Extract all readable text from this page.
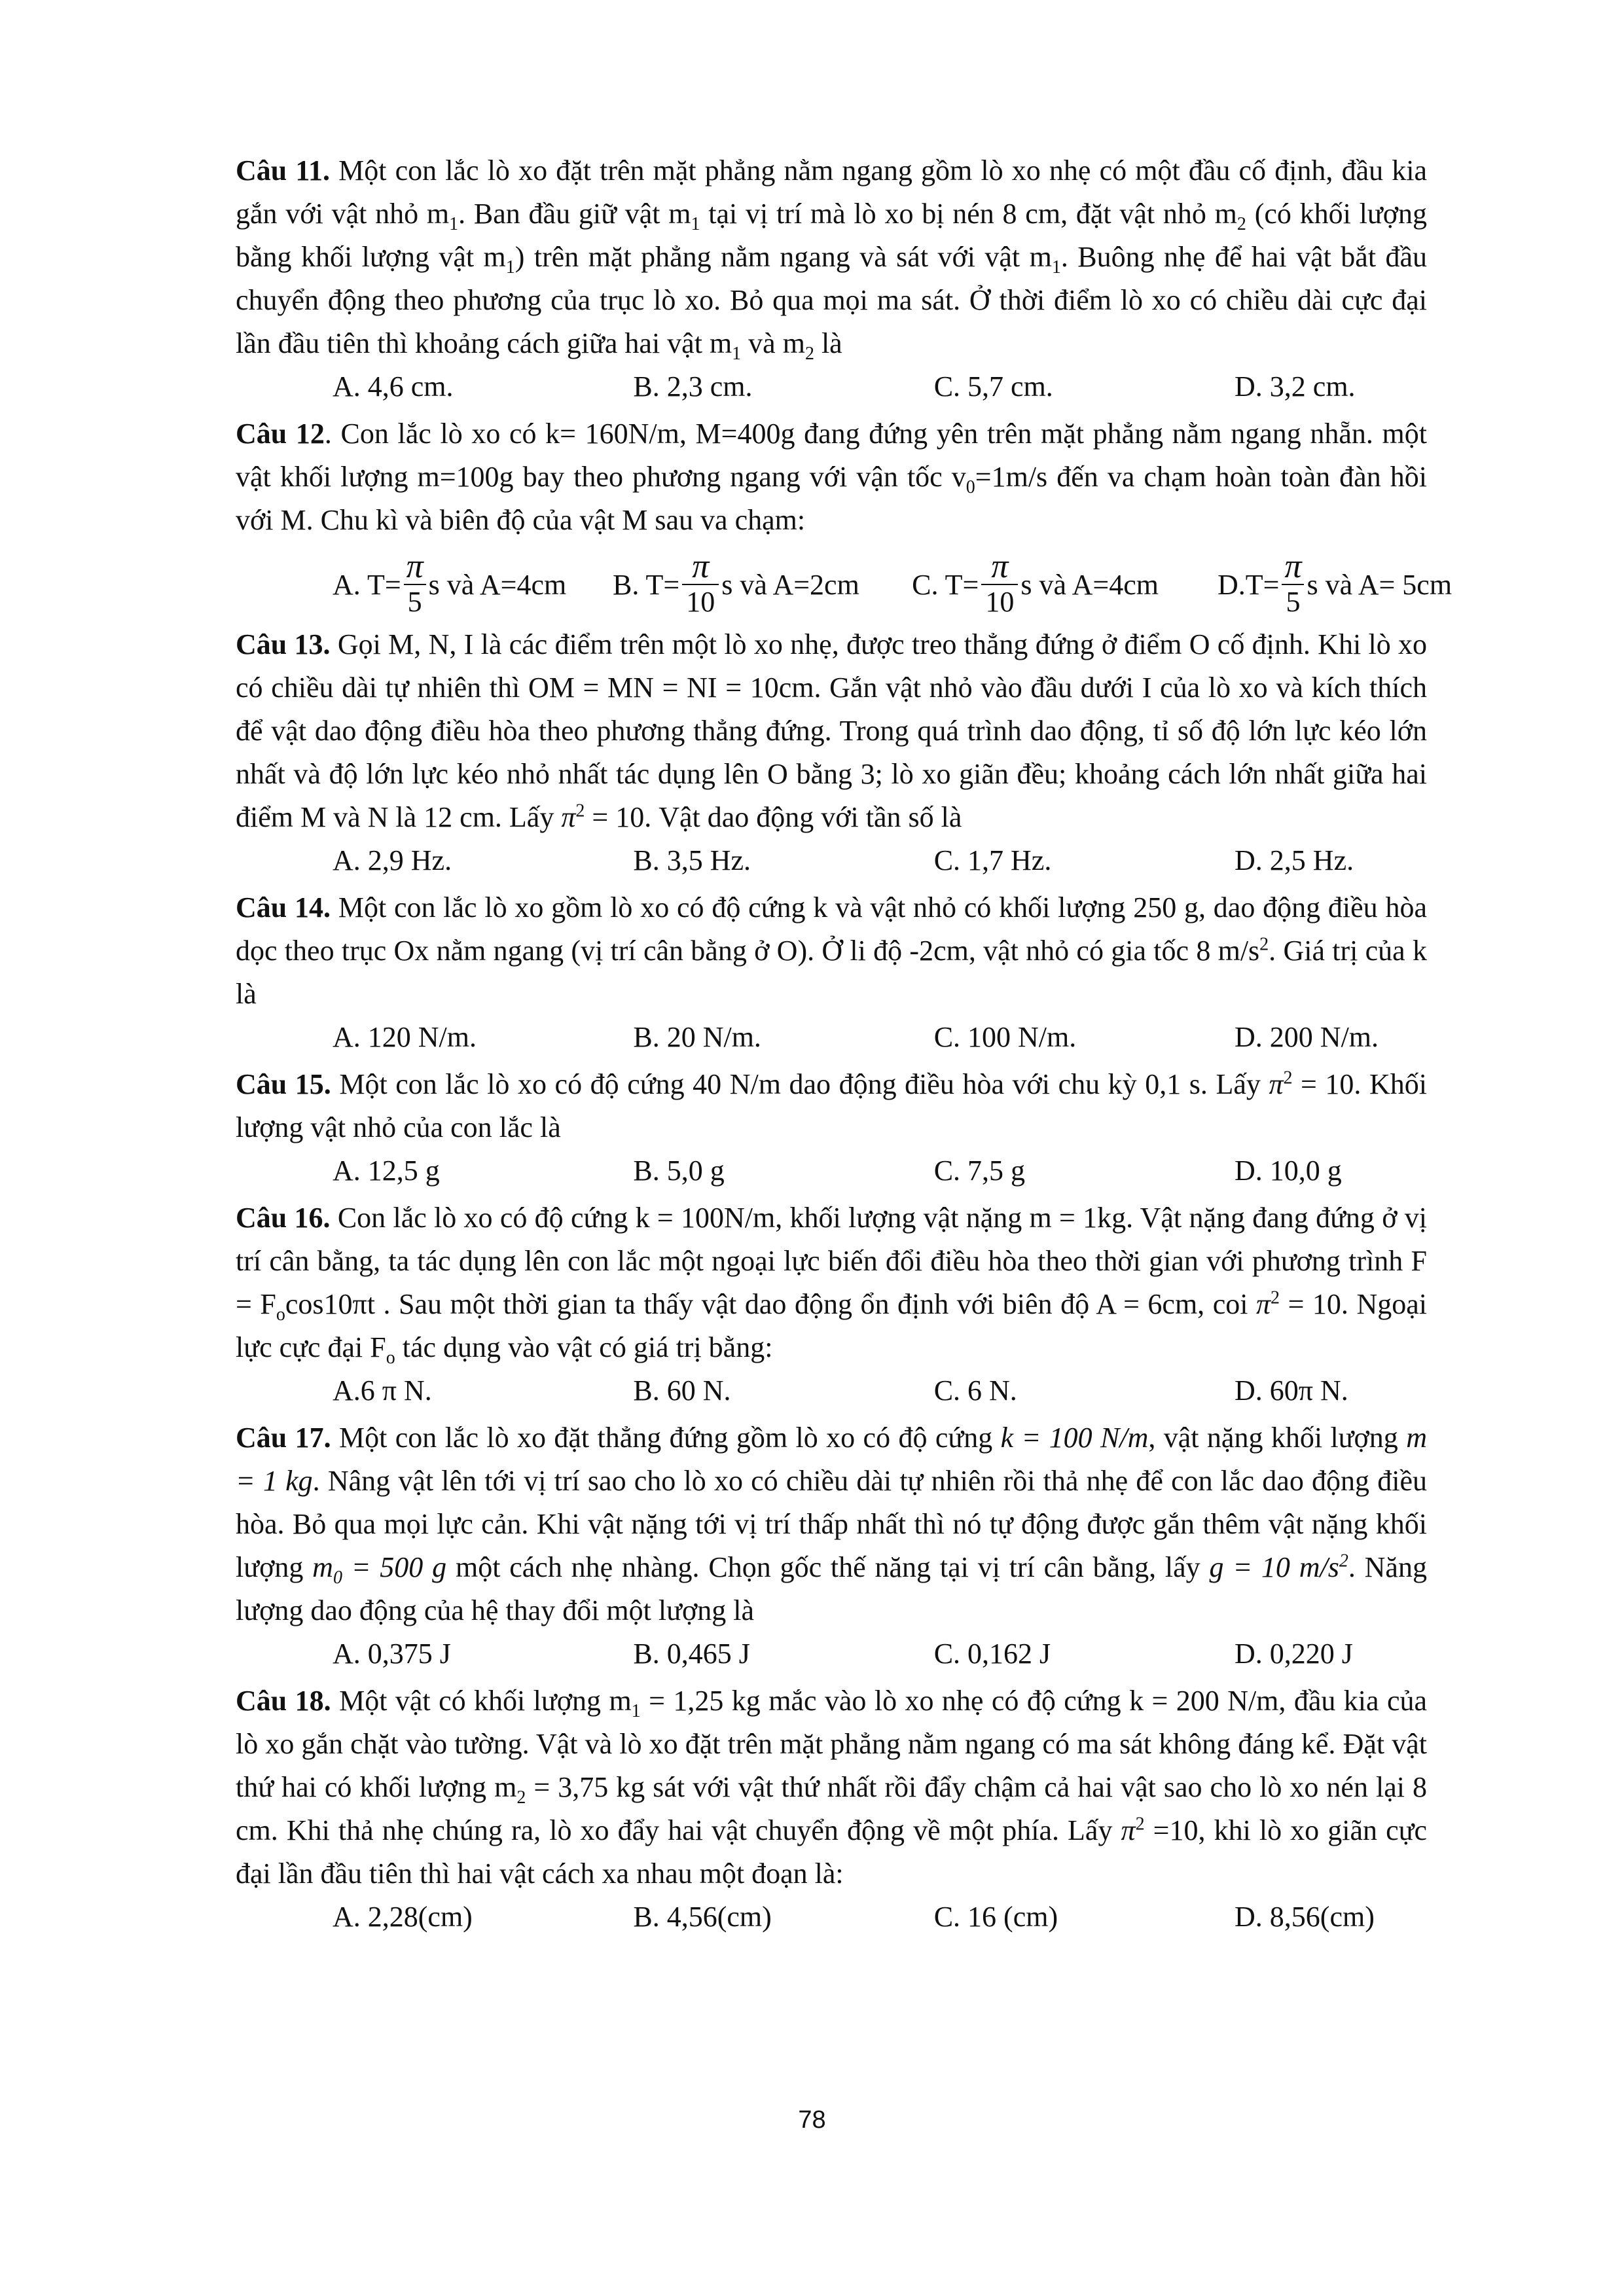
Câu 11. Một con lắc lò xo đặt trên mặt phẳng nằm ngang gồm lò xo nhẹ có một đầu cố định, đầu kia gắn với vật nhỏ $m_1$. Ban đầu giữ vật $m_1$ tại vị trí mà lò xo bị nén 8 cm, đặt vật nhỏ $m_2$ (có khối lượng bằng khối lượng vật $m_1$) trên mặt phẳng nằm ngang và sát với vật $m_1$. Buông nhẹ để hai vật bắt đầu chuyển động theo phương của trục lò xo. Bỏ qua mọi ma sát. Ở thời điểm lò xo có chiều dài cực đại lần đầu tiên thì khoảng cách giữa hai vật $m_1$ và $m_2$ là

A. 4,6 cm.	B. 2,3 cm.	C. 5,7 cm.	D. 3,2 cm.

Câu 12. Con lắc lò xo có k= 160N/m, M=400g đang đứng yên trên mặt phẳng nằm ngang nhẵn. một vật khối lượng m=100g bay theo phương ngang với vận tốc $v_0=1m/s$ đến va chạm hoàn toàn đàn hồi với M. Chu kì và biên độ của vật M sau va chạm:

A. $T= \frac{\pi}{5}$ s và A=4cm B. $T= \frac{\pi}{10}$ s và A=2cm C. $T= \frac{\pi}{10}$ s và A=4cm $D.T= \frac{\pi}{5}$ s và A= 5cm

Câu 13. Gọi M, N, I là các điểm trên một lò xo nhẹ, được treo thẳng đứng ở điểm O cố định. Khi lò xo có chiều dài tự nhiên thì OM = MN = NI = 10cm. Gắn vật nhỏ vào đầu dưới I của lò xo và kích thích để vật dao động điều hòa theo phương thẳng đứng. Trong quá trình dao động, tỉ số độ lớn lực kéo lớn nhất và độ lớn lực kéo nhỏ nhất tác dụng lên O bằng 3; lò xo giãn đều; khoảng cách lớn nhất giữa hai điểm M và N là 12 cm. Lấy $\pi^2 = 10$. Vật dao động với tần số là

A. 2,9 Hz.	B. 3,5 Hz.	C. 1,7 Hz.	D. 2,5 Hz.

Câu 14. Một con lắc lò xo gồm lò xo có độ cứng k và vật nhỏ có khối lượng 250 g, dao động điều hòa dọc theo trục Ox nằm ngang (vị trí cân bằng ở O). Ở li độ -2cm, vật nhỏ có gia tốc 8 $m/s^2$. Giá trị của k là

A. 120 N/m.	B. 20 N/m.	C. 100 N/m.	D. 200 N/m.

Câu 15. Một con lắc lò xo có độ cứng 40 N/m dao động điều hòa với chu kỳ 0,1 s. Lấy $\pi^2 = 10$. Khối lượng vật nhỏ của con lắc là

A. 12,5 g	B. 5,0 g	C. 7,5 g	D. 10,0 g

Câu 16. Con lắc lò xo có độ cứng k = 100N/m, khối lượng vật nặng m = 1kg. Vật nặng đang đứng ở vị trí cân bằng, ta tác dụng lên con lắc một ngoại lực biến đổi điều hòa theo thời gian với phương trình $F = F_o\cos 10\pi t$ . Sau một thời gian ta thấy vật dao động ổn định với biên độ A = 6cm, coi $\pi^2 = 10$. Ngoại lực cực đại $F_o$ tác dụng vào vật có giá trị bằng:

A.6 π N.	B. 60 N.	C. 6 N.	D. 60π N.

Câu 17. Một con lắc lò xo đặt thẳng đứng gồm lò xo có độ cứng k = 100 N/m, vật nặng khối lượng m = 1 kg. Nâng vật lên tới vị trí sao cho lò xo có chiều dài tự nhiên rồi thả nhẹ để con lắc dao động điều hòa. Bỏ qua mọi lực cản. Khi vật nặng tới vị trí thấp nhất thì nó tự động được gắn thêm vật nặng khối lượng $m_0 = 500$ g một cách nhẹ nhàng. Chọn gốc thế năng tại vị trí cân bằng, lấy g = 10 $m/s^2$. Năng lượng dao động của hệ thay đổi một lượng là

A. 0,375 J	B. 0,465 J	C. 0,162 J	D. 0,220 J

Câu 18. Một vật có khối lượng $m_1 = 1,25$ kg mắc vào lò xo nhẹ có độ cứng k = 200 N/m, đầu kia của lò xo gắn chặt vào tường. Vật và lò xo đặt trên mặt phẳng nằm ngang có ma sát không đáng kể. Đặt vật thứ hai có khối lượng $m_2 = 3,75$ kg sát với vật thứ nhất rồi đẩy chậm cả hai vật sao cho lò xo nén lại 8 cm. Khi thả nhẹ chúng ra, lò xo đẩy hai vật chuyển động về một phía. Lấy $\pi^2 =10$, khi lò xo giãn cực đại lần đầu tiên thì hai vật cách xa nhau một đoạn là:

A. 2,28(cm)	B. 4,56(cm)	C. 16 (cm)	D. 8,56(cm)
78
